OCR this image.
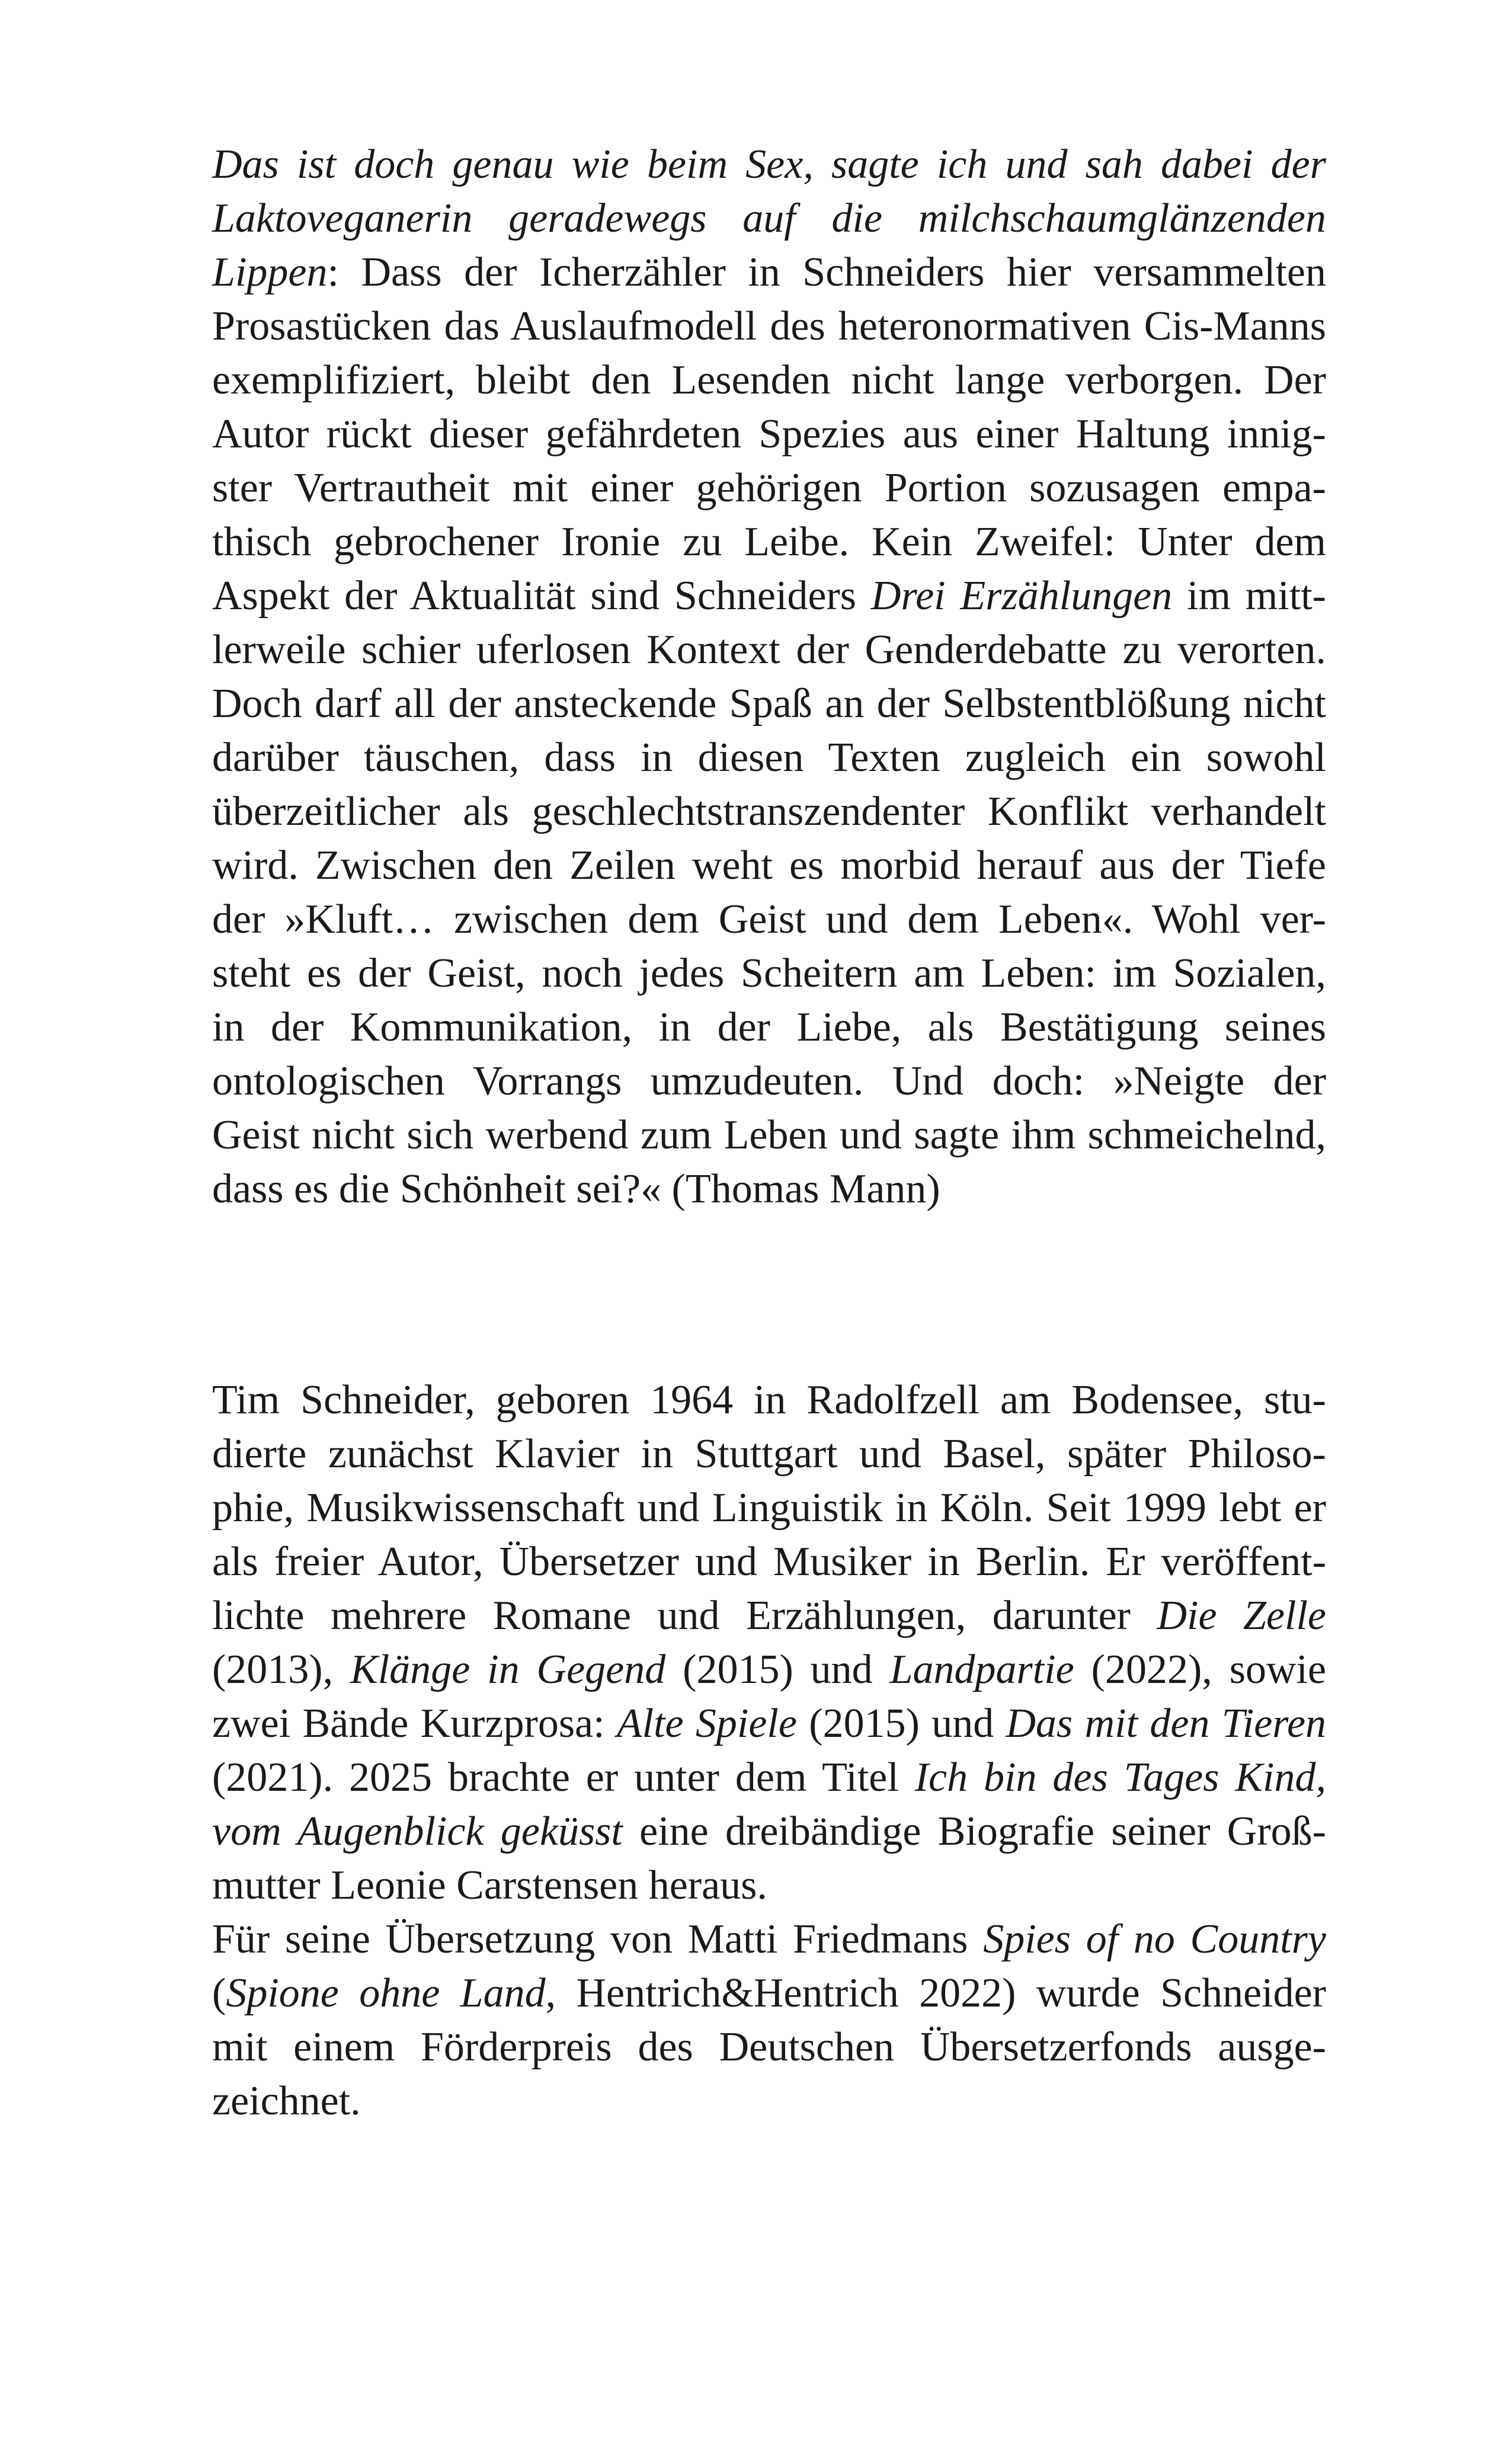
Das ist doch genau wie beim Sex, sagte ich und sah dabei der
Laktoveganerin geradewegs auf die milchschaumglänzenden
Lippen: Dass der Icherzähler in Schneiders hier versammelten
Prosastücken das Auslaufmodell des heteronormativen Cis-Manns
exemplifiziert, bleibt den Lesenden nicht lange verborgen. Der
Autor rückt dieser gefährdeten Spezies aus einer Haltung innig-
ster Vertrautheit mit einer gehörigen Portion sozusagen empa-
thisch gebrochener Ironie zu Leibe. Kein Zweifel: Unter dem
Aspekt der Aktualität sind Schneiders Drei Erzählungen im mitt-
lerweile schier uferlosen Kontext der Genderdebatte zu verorten.
Doch darf all der ansteckende Spaß an der Selbstentblößung nicht
darüber täuschen, dass in diesen Texten zugleich ein sowohl
überzeitlicher als geschlechtstranszendenter Konflikt verhandelt
wird. Zwischen den Zeilen weht es morbid herauf aus der Tiefe
der »Kluft… zwischen dem Geist und dem Leben«. Wohl ver-
steht es der Geist, noch jedes Scheitern am Leben: im Sozialen,
in der Kommunikation, in der Liebe, als Bestätigung seines
ontologischen Vorrangs umzudeuten. Und doch: »Neigte der
Geist nicht sich werbend zum Leben und sagte ihm schmeichelnd,
dass es die Schönheit sei?« (Thomas Mann)
Tim Schneider, geboren 1964 in Radolfzell am Bodensee, stu-
dierte zunächst Klavier in Stuttgart und Basel, später Philoso-
phie, Musikwissenschaft und Linguistik in Köln. Seit 1999 lebt er
als freier Autor, Übersetzer und Musiker in Berlin. Er veröffent-
lichte mehrere Romane und Erzählungen, darunter Die Zelle
(2013), Klänge in Gegend (2015) und Landpartie (2022), sowie
zwei Bände Kurzprosa: Alte Spiele (2015) und Das mit den Tieren
(2021). 2025 brachte er unter dem Titel Ich bin des Tages Kind,
vom Augenblick geküsst eine dreibändige Biografie seiner Groß-
mutter Leonie Carstensen heraus.
Für seine Übersetzung von Matti Friedmans Spies of no Country
(Spione ohne Land, Hentrich&Hentrich 2022) wurde Schneider
mit einem Förderpreis des Deutschen Übersetzerfonds ausge-
zeichnet.
